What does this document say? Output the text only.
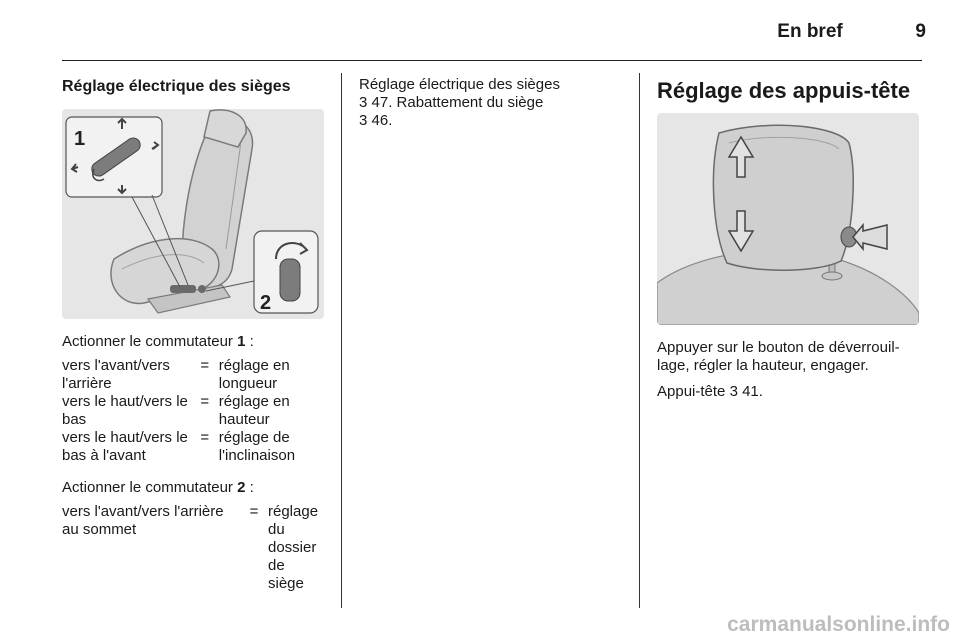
En bref	9
Réglage électrique des sièges
1
2

Actionner le commutateur 1 :

vers l'avant/vers l'arrière	=	réglage en longueur
vers le haut/vers le bas	=	réglage en hauteur
vers le haut/vers le bas à l'avant	=	réglage de l'inclinaison

Actionner le commutateur 2 :

vers l'avant/vers l'arrière au sommet	=	réglage du dossier de siège

Réglage électrique des sièges

3 47. Rabattement du siège

3 46.

Réglage des appuis-tête

Appuyer sur le bouton de déverrouil-lage, régler la hauteur, engager.

Appui-tête 3 41.

carmanualsonline.info
